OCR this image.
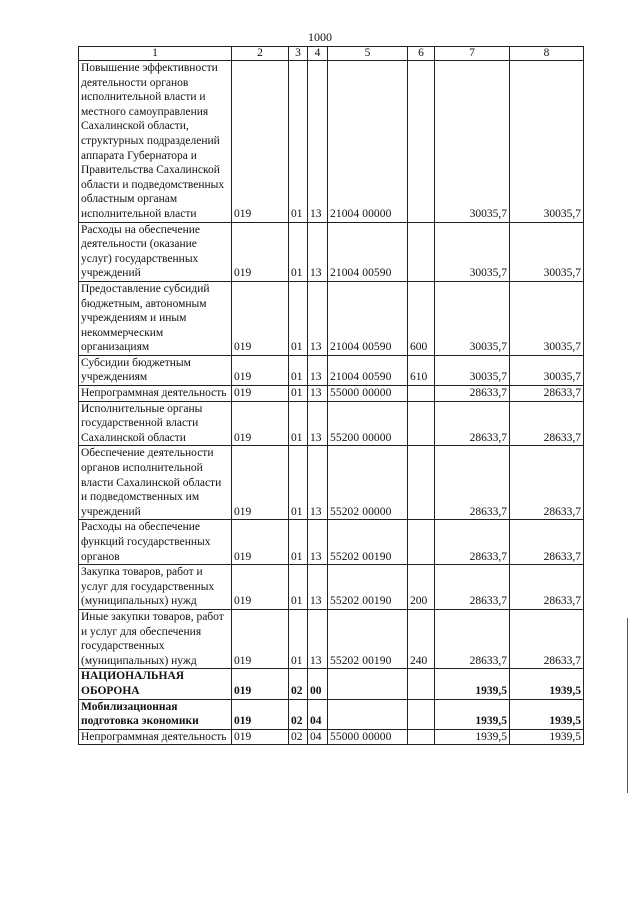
1000
1	2	3	4	5	6	7	8
Повышение эффективности деятельности органов исполнительной власти и местного самоуправления Сахалинской области, структурных подразделений аппарата Губернатора и Правительства Сахалинской области и подведомственных областным органам исполнительной власти	019	01	13	21004 00000		30035,7	30035,7
Расходы на обеспечение деятельности (оказание услуг) государственных учреждений	019	01	13	21004 00590		30035,7	30035,7
Предоставление субсидий бюджетным, автономным учреждениям и иным некоммерческим организациям	019	01	13	21004 00590	600	30035,7	30035,7
Субсидии бюджетным учреждениям	019	01	13	21004 00590	610	30035,7	30035,7
Непрограммная деятельность	019	01	13	55000 00000		28633,7	28633,7
Исполнительные органы государственной власти Сахалинской области	019	01	13	55200 00000		28633,7	28633,7
Обеспечение деятельности органов исполнительной власти Сахалинской области и подведомственных им учреждений	019	01	13	55202 00000		28633,7	28633,7
Расходы на обеспечение функций государственных органов	019	01	13	55202 00190		28633,7	28633,7
Закупка товаров, работ и услуг для государственных (муниципальных) нужд	019	01	13	55202 00190	200	28633,7	28633,7
Иные закупки товаров, работ и услуг для обеспечения государственных (муниципальных) нужд	019	01	13	55202 00190	240	28633,7	28633,7
НАЦИОНАЛЬНАЯ ОБОРОНА	019	02	00			1939,5	1939,5
Мобилизационная подготовка экономики	019	02	04			1939,5	1939,5
Непрограммная деятельность	019	02	04	55000 00000		1939,5	1939,5
